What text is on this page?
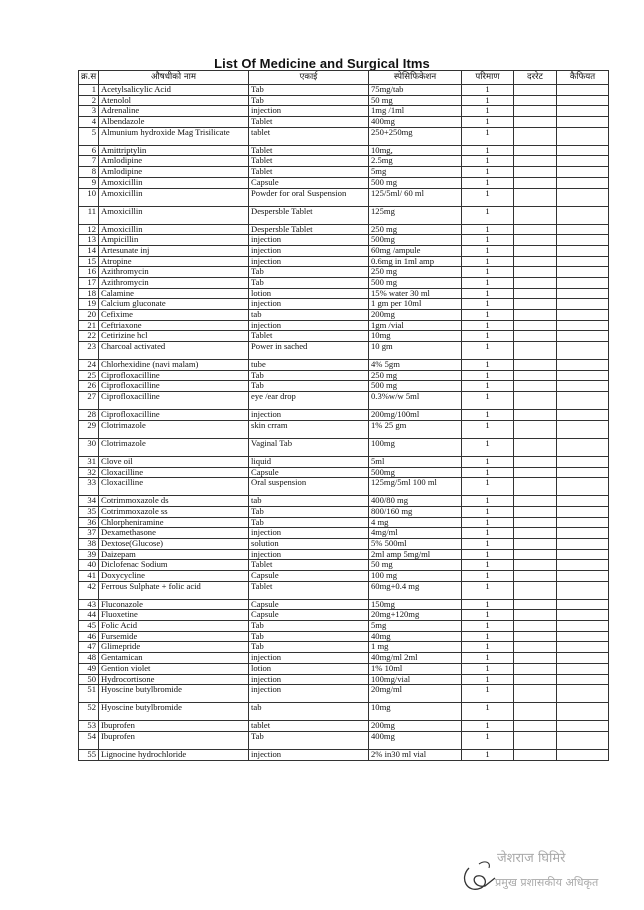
List Of Medicine and Surgical Itms
क्र.स	औषधीको नाम	एकाई	स्पेसिफिकेशन	परिमाण	दररेट	कैफियत
1	Acetylsalicylic Acid	Tab	75mg/tab	1		
2	Atenolol	Tab	50 mg	1		
3	Adrenaline	injection	1mg /1ml	1		
4	Albendazole	Tablet	400mg	1		
5	Almunium hydroxide Mag Trisilicate	tablet	250+250mg	1		
6	Amittriptylin	Tablet	10mg,	1		
7	Amlodipine	Tablet	2.5mg	1		
8	Amlodipine	Tablet	5mg	1		
9	Amoxicillin	Capsule	500 mg	1		
10	Amoxicillin	Powder for oral Suspension	125/5ml/ 60 ml	1		
11	Amoxicillin	Despersble Tablet	125mg	1		
12	Amoxicillin	Despersble Tablet	250 mg	1		
13	Ampicillin	injection	500mg	1		
14	Artesunate inj	injection	60mg /ampule	1		
15	Atropine	injection	0.6mg in 1ml amp	1		
16	Azithromycin	Tab	250 mg	1		
17	Azithromycin	Tab	500 mg	1		
18	Calamine	lotion	15% water 30 ml	1		
19	Calcium gluconate	injection	1 gm per 10ml	1		
20	Cefixime	tab	200mg	1		
21	Ceftriaxone	injection	1gm /vial	1		
22	Cetirizine hcl	Tablet	10mg	1		
23	Charcoal activated	Power in sached	10 gm	1		
24	Chlorhexidine (navi malam)	tube	4% 5gm	1		
25	Ciprofloxacilline	Tab	250 mg	1		
26	Ciprofloxacilline	Tab	500 mg	1		
27	Ciprofloxacilline	eye /ear drop	0.3%w/w 5ml	1		
28	Ciprofloxacilline	injection	200mg/100ml	1		
29	Clotrimazole	skin crram	1% 25 gm	1		
30	Clotrimazole	Vaginal Tab	100mg	1		
31	Clove oil	liquid	5ml	1		
32	Cloxacilline	Capsule	500mg	1		
33	Cloxacilline	Oral suspension	125mg/5ml 100 ml	1		
34	Cotrimmoxazole ds	tab	400/80 mg	1		
35	Cotrimmoxazole ss	Tab	800/160 mg	1		
36	Chlorpheniramine	Tab	4 mg	1		
37	Dexamethasone	injection	4mg/ml	1		
38	Dextose(Glucose)	solution	5% 500ml	1		
39	Daizepam	injection	2ml amp 5mg/ml	1		
40	Diclofenac Sodium	Tablet	50 mg	1		
41	Doxycycline	Capsule	100 mg	1		
42	Ferrous Sulphate + folic acid	Tablet	60mg+0.4 mg	1		
43	Fluconazole	Capsule	150mg	1		
44	Fluoxetine	Capsule	20mg+120mg	1		
45	Folic Acid	Tab	5mg	1		
46	Fursemide	Tab	40mg	1		
47	Glimepride	Tab	1 mg	1		
48	Gentamican	injection	40mg/ml 2ml	1		
49	Gention violet	lotion	1% 10ml	1		
50	Hydrocortisone	injection	100mg/vial	1		
51	Hyoscine butylbromide	injection	20mg/ml	1		
52	Hyoscine butylbromide	tab	10mg	1		
53	Ibuprofen	tablet	200mg	1		
54	Ibuprofen	Tab	400mg	1		
55	Lignocine hydrochloride	injection	2% in30 ml vial	1		
जेशराज घिमिरे
प्रमुख प्रशासकीय अधिकृत
